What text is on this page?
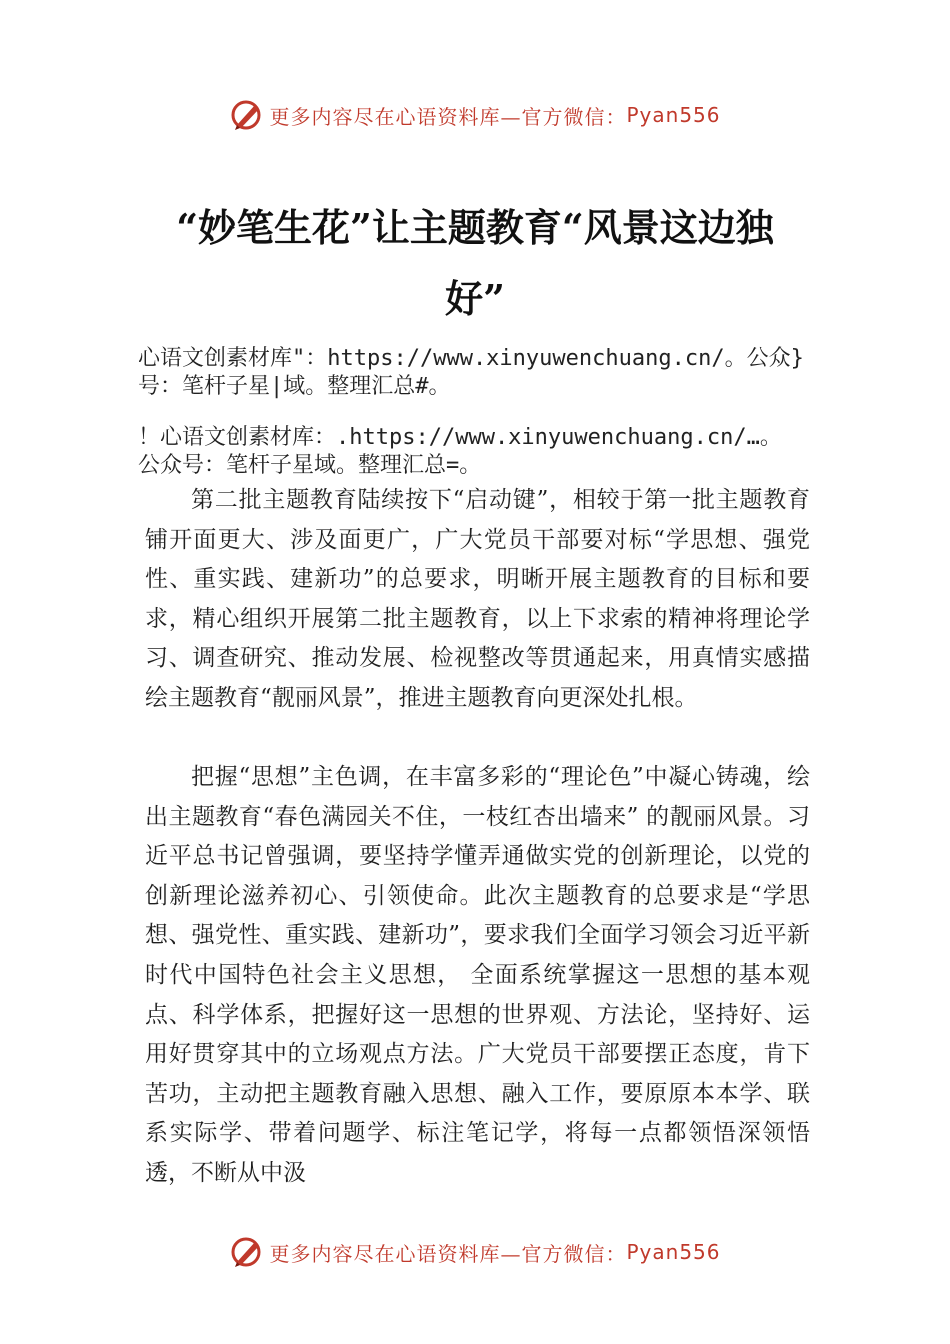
更多内容尽在心语资料库—官方微信： Pyan556
“妙笔生花”让主题教育“风景这边独
好”
心语文创素材库"：https://www.xinyuwenchuang.cn/。公众}
号：笔杆子星|域。整理汇总#。
！心语文创素材库：.https://www.xinyuwenchuang.cn/…。
公众号：笔杆子星域。整理汇总=。

第二批主题教育陆续按下“启动键”，相较于第一批主题教育铺开面更大、涉及面更广，广大党员干部要对标“学思想、强党性、重实践、建新功”的总要求，明晰开展主题教育的目标和要求，精心组织开展第二批主题教育，以上下求索的精神将理论学习、调查研究、推动发展、检视整改等贯通起来，用真情实感描绘主题教育“靓丽风景”，推进主题教育向更深处扎根。

把握“思想”主色调，在丰富多彩的“理论色”中凝心铸魂，绘出主题教育“春色满园关不住，一枝红杏出墙来” 的靓丽风景。习近平总书记曾强调，要坚持学懂弄通做实党的创新理论，以党的创新理论滋养初心、引领使命。此次主题教育的总要求是“学思想、强党性、重实践、建新功”，要求我们全面学习领会习近平新时代中国特色社会主义思想， 全面系统掌握这一思想的基本观点、科学体系，把握好这一思想的世界观、方法论，坚持好、运用好贯穿其中的立场观点方法。广大党员干部要摆正态度，肯下苦功，主动把主题教育融入思想、融入工作，要原原本本学、联系实际学、带着问题学、标注笔记学，将每一点都领悟深领悟透，不断从中汲

更多内容尽在心语资料库—官方微信： Pyan556
